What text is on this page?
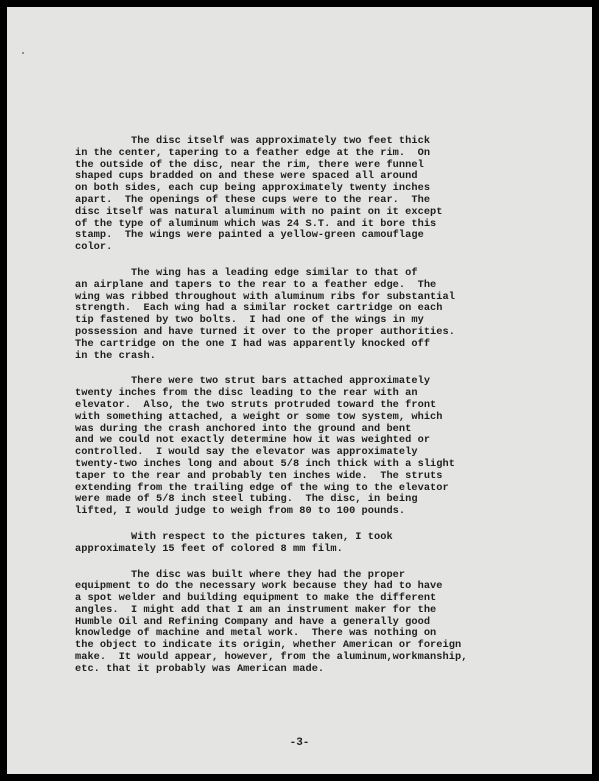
The disc itself was approximately two feet thick
in the center, tapering to a feather edge at the rim.  On
the outside of the disc, near the rim, there were funnel
shaped cups bradded on and these were spaced all around
on both sides, each cup being approximately twenty inches
apart.  The openings of these cups were to the rear.  The
disc itself was natural aluminum with no paint on it except
of the type of aluminum which was 24 S.T. and it bore this
stamp.  The wings were painted a yellow-green camouflage
color.
The wing has a leading edge similar to that of
an airplane and tapers to the rear to a feather edge.  The
wing was ribbed throughout with aluminum ribs for substantial
strength.  Each wing had a similar rocket cartridge on each
tip fastened by two bolts.  I had one of the wings in my
possession and have turned it over to the proper authorities.
The cartridge on the one I had was apparently knocked off
in the crash.
There were two strut bars attached approximately
twenty inches from the disc leading to the rear with an
elevator.  Also, the two struts protruded toward the front
with something attached, a weight or some tow system, which
was during the crash anchored into the ground and bent
and we could not exactly determine how it was weighted or
controlled.  I would say the elevator was approximately
twenty-two inches long and about 5/8 inch thick with a slight
taper to the rear and probably ten inches wide.  The struts
extending from the trailing edge of the wing to the elevator
were made of 5/8 inch steel tubing.  The disc, in being
lifted, I would judge to weigh from 80 to 100 pounds.
With respect to the pictures taken, I took
approximately 15 feet of colored 8 mm film.
The disc was built where they had the proper
equipment to do the necessary work because they had to have
a spot welder and building equipment to make the different
angles.  I might add that I am an instrument maker for the
Humble Oil and Refining Company and have a generally good
knowledge of machine and metal work.  There was nothing on
the object to indicate its origin, whether American or foreign
make.  It would appear, however, from the aluminum,workmanship,
etc. that it probably was American made.
-3-
